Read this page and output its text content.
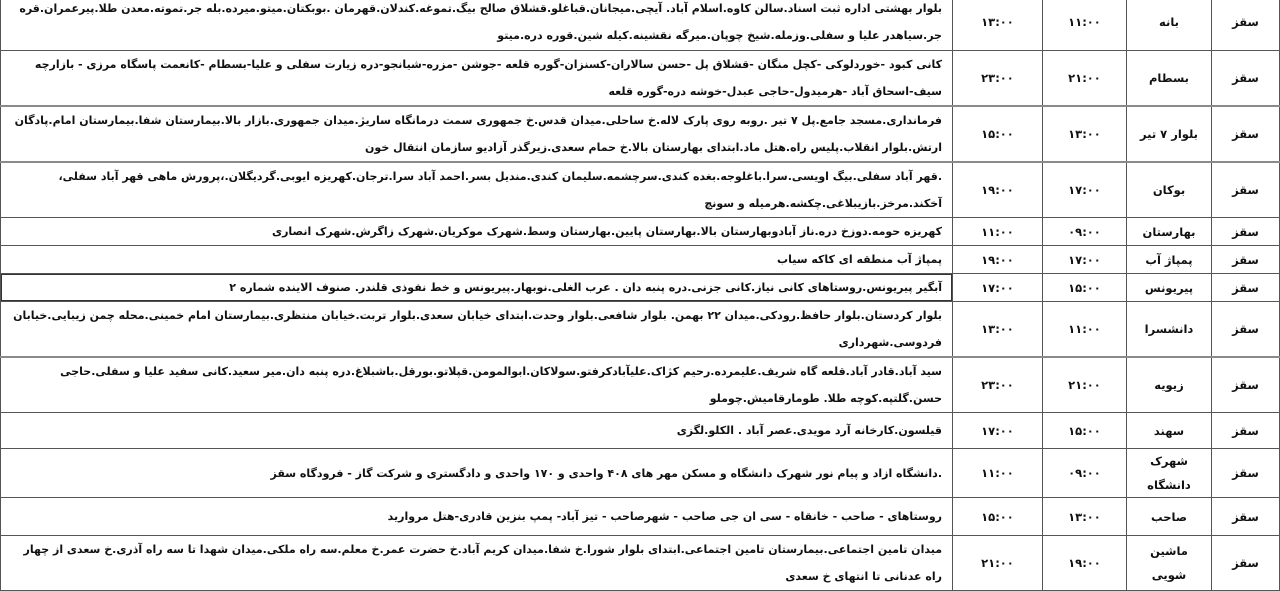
سقز	بانه	۱۱:۰۰	۱۳:۰۰	بلوار بهشتی اداره ثبت اسناد.سالن کاوه.اسلام آباد. آیچی.میجانان.قباغلو.قشلاق صالح بیگ.تموغه.کندلان.قهرمان .بوبکتان.میتو.میرده.بله جر.تموته.معدن طلا.پیرعمران.قره جر.سیاهدر علیا و سفلی.وزمله.شیخ چوپان.میرگه نقشینه.کیله شین.قوره دره.میتو
سقز	بسطام	۲۱:۰۰	۲۳:۰۰	کانی کبود -خوردلوکی -کچل منگان -قشلاق پل -حسن سالاران-کسنزان-گوره قلعه -جوشن -مزره-شیانجو-دره زیارت سفلی و علیا-بسطام -کانعمت پاسگاه مرزی - بازارچه سیف-اسحاق آباد -هرمیدول-حاجی عبدل-خوشه دره-گوره قلعه
سقز	بلوار ۷ تیر	۱۳:۰۰	۱۵:۰۰	فرمانداری.مسجد جامع.پل ۷ تیر .روبه روی پارک لاله.خ ساحلی.میدان قدس.خ جمهوری سمت درمانگاه ساریژ.میدان جمهوری.بازار بالا.بیمارستان شفا.بیمارستان امام.پادگان ارتش.بلوار انقلاب.پلیس راه.هتل ماد.ابتدای بهارستان بالا.خ حمام سعدی.زیرگذر آزادیو سازمان انتقال خون
سقز	بوکان	۱۷:۰۰	۱۹:۰۰	.قهر آباد سفلی.بیگ اویسی.سرا.باغلوجه.بغده کندی.سرچشمه.سلیمان کندی.مندیل بسر.احمد آباد سرا.ترجان.کهریزه ایوبی.گردیگلان.،پرورش ماهی قهر آباد سفلی، آخکند.مرخز.بازیبلاغی.چکشه.هرمیله و سونچ
سقز	بهارستان	۰۹:۰۰	۱۱:۰۰	کهریزه حومه.دوزخ دره.ناز آبادوبهارستان بالا.بهارستان پایین.بهارستان وسط.شهرک موکریان.شهرک زاگرش.شهرک انصاری
سقز	پمپاژ آب	۱۷:۰۰	۱۹:۰۰	پمپاژ آب منطقه ای کاکه سیاب
سقز	پیریونس	۱۵:۰۰	۱۷:۰۰	آبگیر پیریونس.روستاهای کانی نیاز.کانی جزنی.دره پنبه دان . عرب الغلی.نوبهار.پیریونس و خط نفوذی قلندر. صنوف الاینده شماره ۲
سقز	دانشسرا	۱۱:۰۰	۱۳:۰۰	بلوار کردستان.بلوار حافظ.رودکی.میدان ۲۲ بهمن. بلوار شافعی.بلوار وحدت.ابتدای خیابان سعدی.بلوار تربت.خیابان منتظری.بیمارستان امام خمینی.محله چمن زیبایی.خیابان فردوسی.شهرداری
سقز	زیویه	۲۱:۰۰	۲۳:۰۰	سید آباد.قادر آباد.قلعه گاه شریف.علیمرده.رحیم کژاک.علیآبادکرفتو.سولاکان.ابوالمومن.قپلاتو.بورقل.باشبلاغ.دره پنبه دان.میر سعید.کانی سفید علیا و سفلی.حاجی حسن.گلتپه.کوچه طلا. طومارقامیش.چوملو
سقز	سهند	۱۵:۰۰	۱۷:۰۰	قیلسون.کارخانه آرد مویدی.عصر آباد . الکلو.لگزی
سقز	شهرک دانشگاه	۰۹:۰۰	۱۱:۰۰	.دانشگاه ازاد و پیام نور شهرک دانشگاه و مسکن مهر های ۴۰۸ واحدی و ۱۷۰ واحدی و دادگستری و شرکت گاز - فرودگاه سقز
سقز	صاحب	۱۳:۰۰	۱۵:۰۰	روستاهای - صاحب - خانقاه - سی ان جی صاحب - شهرصاحب - تیز آباد- پمپ بنزین قادری-هتل مروارید
سقز	ماشین شویی	۱۹:۰۰	۲۱:۰۰	میدان تامین اجتماعی.بیمارستان تامین اجتماعی.ابتدای بلوار شورا.خ شفا.میدان کریم آباد.خ حضرت عمر.خ معلم.سه راه ملکی.میدان شهدا تا سه راه آذری.خ سعدی از چهار راه عدنانی تا انتهای خ سعدی
